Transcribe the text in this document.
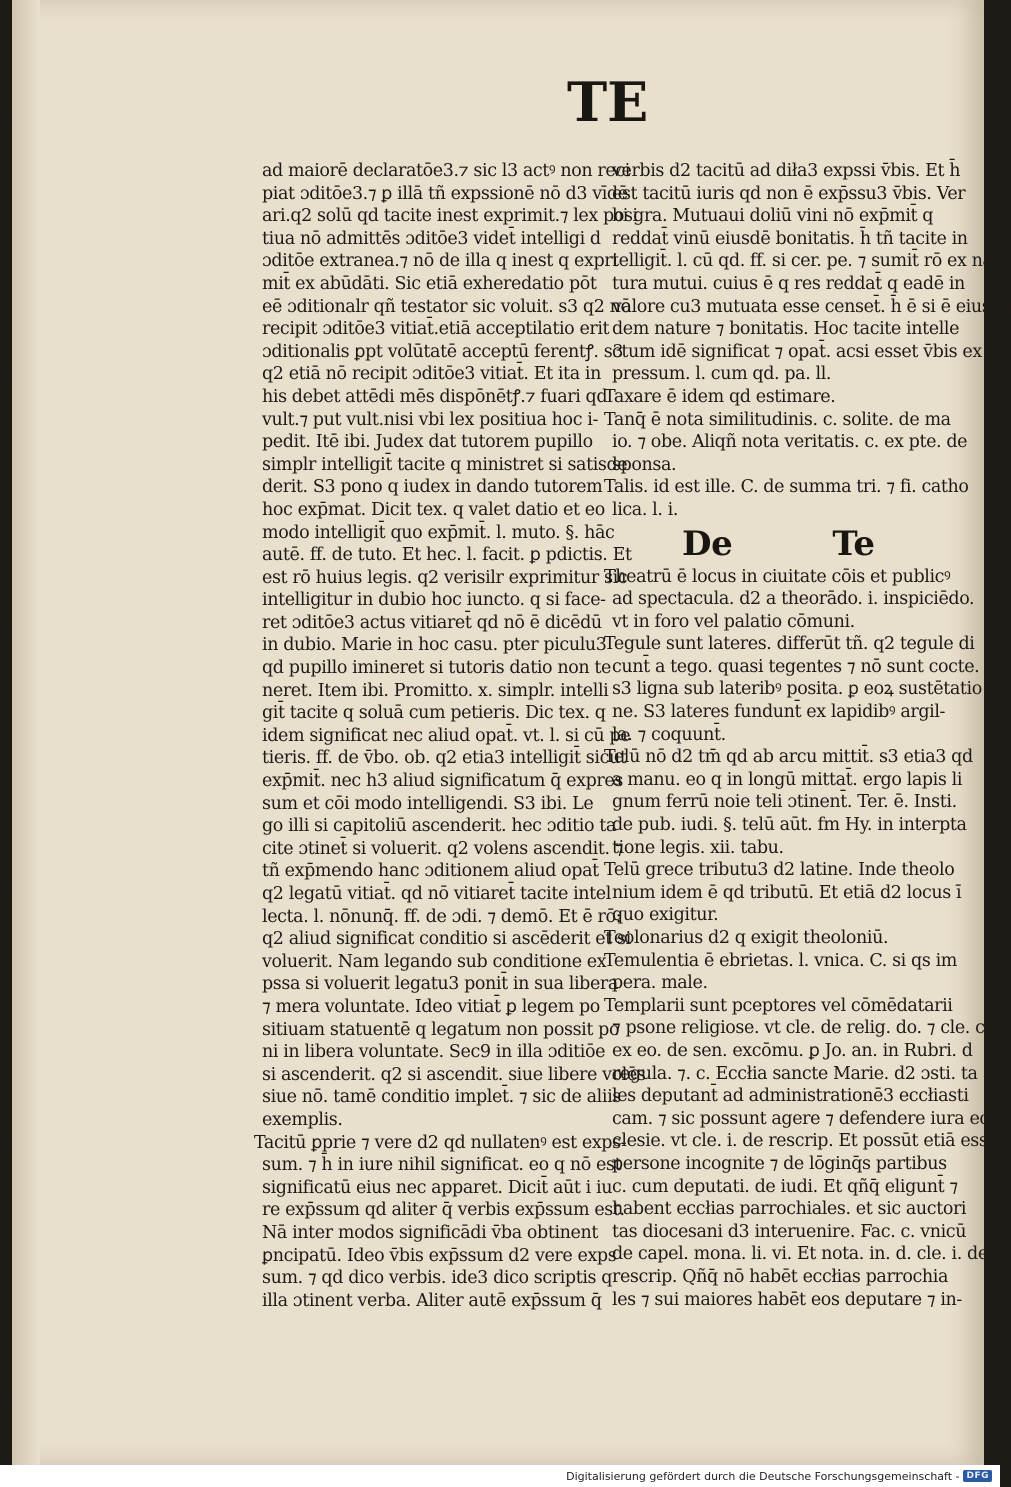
TE
ad maiorē declaratōe3.⁊ sic l3 actꝰ non reci
piat ɔditōe3.⁊ ꝑ illā tñ expssionē nō d3 vīdē
ari.q2 solū qd tacite inest exprimit.⁊ lex posi
tiua nō admittēs ɔditōe3 videt̄ intelligi d
ɔditōe extranea.⁊ nō de illa q inest q expri
mit̄ ex abūdāti. Sic etiā exheredatio pōt
eē ɔditionalr qñ testator sic voluit. s3 q2 nō
recipit ɔditōe3 vitiat̄.etiā acceptilatio erit
ɔditionalis ꝑpt volūtatē acceptū ferentꝭ. s3
q2 etiā nō recipit ɔditōe3 vitiat̄. Et ita in
his debet attēdi mēs dispōnētꝭ.⁊ fuari qd
vult.⁊ put vult.nisi vbi lex positiua hoc i-
pedit. Itē ibi. Judex dat tutorem pupillo
simplr intelligit̄ tacite q ministret si satisde
derit. S3 pono q iudex in dando tutorem
hoc exp̄mat. Dicit tex. q valet datio et eo
modo intelligit̄ quo exp̄mit̄. l. muto. §. hāc
autē. ff. de tuto. Et hec. l. facit. ꝑ pdictis. Et
est rō huius legis. q2 verisilr exprimitur sic
intelligitur in dubio hoc iuncto. q si face-
ret ɔditōe3 actus vitiaret̄ qd nō ē dicēdū
in dubio. Marie in hoc casu. pter piculu3
qd pupillo imineret si tutoris datio non te
neret. Item ibi. Promitto. x. simplr. intelli
git̄ tacite q soluā cum petieris. Dic tex. q
idem significat nec aliud opat̄. vt. l. si cū pe
tieris. ff. de v̄bo. ob. q2 etia3 intelligit̄ sicut
exp̄mit̄. nec h3 aliud significatum q̄ expres
sum et cōi modo intelligendi. S3 ibi. Le
go illi si capitoliū ascenderit. hec ɔditio ta
cite ɔtinet̄ si voluerit. q2 volens ascendit. ⁊
tñ exp̄mendo hanc ɔditionem aliud opat̄
q2 legatū vitiat̄. qd nō vitiaret̄ tacite intel
lecta. l. nōnunq̄. ff. de ɔdi. ⁊ demō. Et ē rō:
q2 aliud significat conditio si ascēderit et si
voluerit. Nam legando sub conditione ex
pssa si voluerit legatu3 ponit̄ in sua libera
⁊ mera voluntate. Ideo vitiat̄ ꝑ legem po
sitiuam statuentē q legatum non possit po
ni in libera voluntate. Sec9 in illa ɔditiōe
si ascenderit. q2 si ascendit. siue libere volēs
siue nō. tamē conditio implet̄. ⁊ sic de aliis
exemplis.
Tacitū ꝑprie ⁊ vere d2 qd nullatenꝰ est exps-
sum. ⁊ h̄ in iure nihil significat. eo q nō est
significatū eius nec apparet. Dicit̄ aūt i iu
re exp̄ssum qd aliter q̄ verbis exp̄ssum est.
Nā inter modos significādi v̄ba obtinent
ꝑncipatū. Ideo v̄bis exp̄ssum d2 vere exps
sum. ⁊ qd dico verbis. ide3 dico scriptis q
illa ɔtinent verba. Aliter autē exp̄ssum q̄
verbis d2 tacitū ad diła3 expssi v̄bis. Et h̄
est tacitū iuris qd non ē exp̄ssu3 v̄bis. Ver
bi gra. Mutuaui doliū vini nō exp̄mit̄ q
reddat̄ vinū eiusdē bonitatis. h̄ tñ tacite in
telligit̄. l. cū qd. ff. si cer. pe. ⁊ sumit̄ rō ex na
tura mutui. cuius ē q res reddat̄ q eadē in
valore cu3 mutuata esse censet̄. h̄ ē si ē eiusdē
dem nature ⁊ bonitatis. Hoc tacite intelle
ctum idē significat ⁊ opat̄. acsi esset v̄bis ex
pressum. l. cum qd. pa. ll.
Taxare ē idem qd estimare.
Tanq̄ ē nota similitudinis. c. solite. de ma
io. ⁊ obe. Aliqñ nota veritatis. c. ex pte. de
sponsa.
Talis. id est ille. C. de summa tri. ⁊ fi. catho
lica. l. i.
De	Te
Theatrū ē locus in ciuitate cōis et publicꝰ
ad spectacula. d2 a theorādo. i. inspiciēdo.
vt in foro vel palatio cōmuni.
Tegule sunt lateres. differūt tñ. q2 tegule di
cunt̄ a tego. quasi tegentes ⁊ nō sunt cocte.
s3 ligna sub lateribꝰ posita. ꝑ eoꝝ sustētatio
ne. S3 lateres fundunt̄ ex lapidibꝰ argil-
la. ⁊ coquunt̄.
Telū nō d2 tm̄ qd ab arcu mittit̄. s3 etia3 qd
a manu. eo q in longū mittat̄. ergo lapis li
gnum ferrū noie teli ɔtinent̄. Ter. ē. Insti.
de pub. iudi. §. telū aūt. fm Hy. in interpta
tione legis. xii. tabu.
Telū grece tributu3 d2 latine. Inde theolo
nium idem ē qd tributū. Et etiā d2 locus ī
quo exigitur.
Teolonarius d2 q exigit theoloniū.
Temulentia ē ebrietas. l. vnica. C. si qs im
pera. male.
Templarii sunt pceptores vel cōmēdatarii
⁊ psone religiose. vt cle. de relig. do. ⁊ cle. cū
ex eo. de sen. excōmu. ꝑ Jo. an. in Rubri. d
regula. ⁊. c. Eccłia sancte Marie. d2 ɔsti. ta
les deputant̄ ad administrationē3 eccłiasti
cam. ⁊ sic possunt agere ⁊ defendere iura ec
clesie. vt cle. i. de rescrip. Et possūt etiā esse
persone incognite ⁊ de lōginq̄s partibus
c. cum deputati. de iudi. Et qñq̄ eligunt̄ ⁊
habent eccłias parrochiales. et sic auctori
tas diocesani d3 interuenire. Fac. c. vnicū
de capel. mona. li. vi. Et nota. in. d. cle. i. de
rescrip. Qñq̄ nō habēt eccłias parrochia
les ⁊ sui maiores habēt eos deputare ⁊ in-
Digitalisierung gefördert durch die Deutsche Forschungsgemeinschaft - DFG
